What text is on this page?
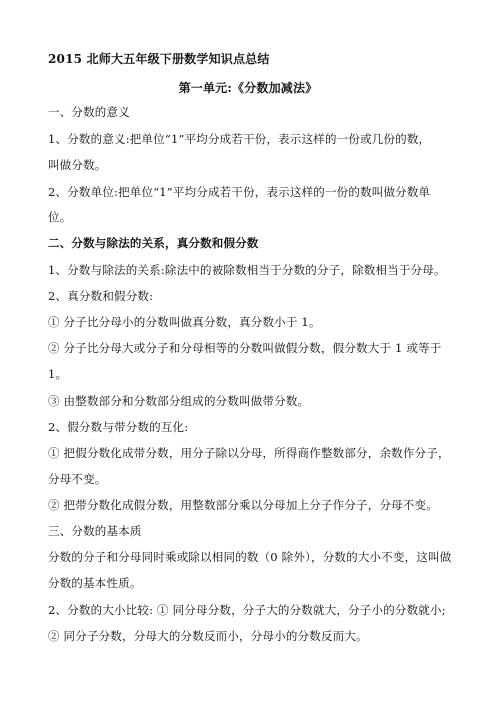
2015 北师大五年级下册数学知识点总结
第一单元:《分数加减法》
一、分数的意义
1、分数的意义:把单位“1”平均分成若干份，表示这样的一份或几份的数，
叫做分数。
2、分数单位:把单位“1”平均分成若干份，表示这样的一份的数叫做分数单
位。
二、分数与除法的关系，真分数和假分数
1、分数与除法的关系:除法中的被除数相当于分数的分子，除数相当于分母。
2、真分数和假分数:
① 分子比分母小的分数叫做真分数，真分数小于 1。
② 分子比分母大或分子和分母相等的分数叫做假分数，假分数大于 1 或等于
1。
③ 由整数部分和分数部分组成的分数叫做带分数。
2、假分数与带分数的互化:
① 把假分数化成带分数，用分子除以分母，所得商作整数部分，余数作分子，
分母不变。
② 把带分数化成假分数，用整数部分乘以分母加上分子作分子，分母不变。
三、分数的基本质
分数的分子和分母同时乘或除以相同的数（0 除外），分数的大小不变，这叫做
分数的基本性质。
2、分数的大小比较: ① 同分母分数，分子大的分数就大，分子小的分数就小;
② 同分子分数，分母大的分数反而小，分母小的分数反而大。
